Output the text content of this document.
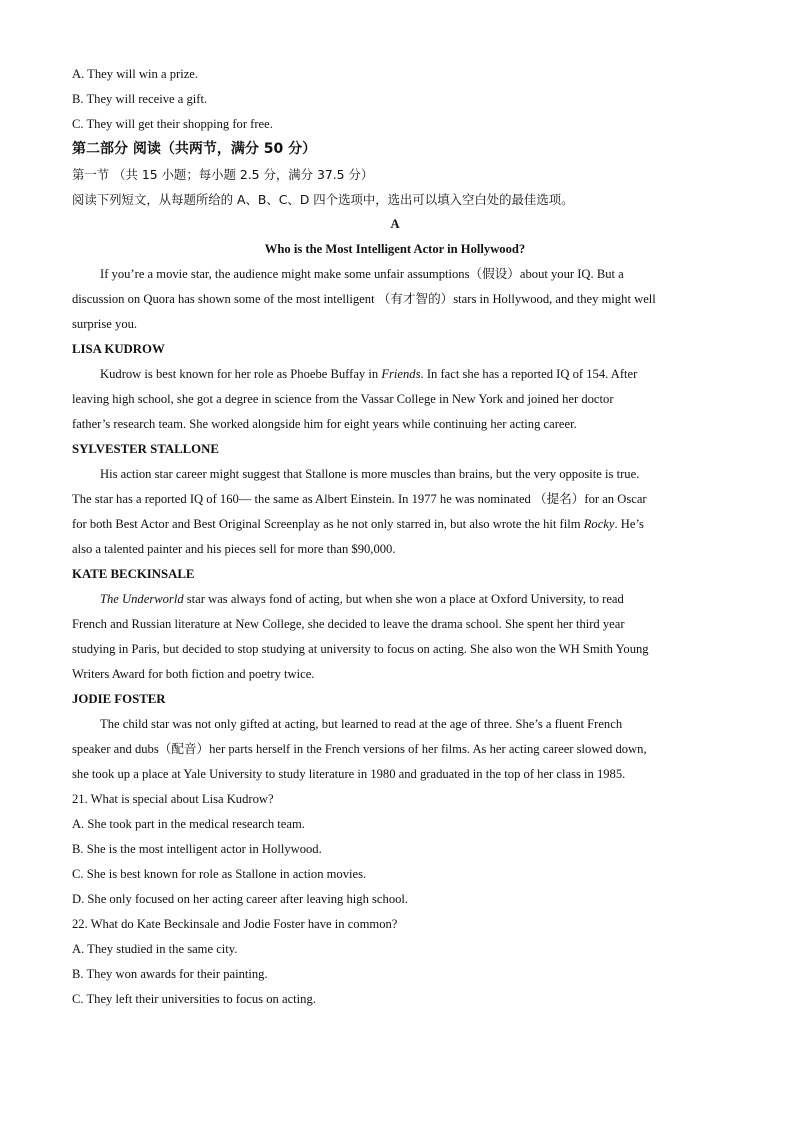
A. They will win a prize.

B. They will receive a gift.

C. They will get their shopping for free.

第二部分 阅读（共两节，满分 50 分）

第一节 （共 15 小题；每小题 2.5 分，满分 37.5 分）

阅读下列短文，从每题所给的 A、B、C、D 四个选项中，选出可以填入空白处的最佳选项。

A

Who is the Most Intelligent Actor in Hollywood?

If you’re a movie star, the audience might make some unfair assumptions（假设）about your IQ. But a

discussion on Quora has shown some of the most intelligent （有才智的）stars in Hollywood, and they might well

surprise you.

LISA KUDROW

Kudrow is best known for her role as Phoebe Buffay in Friends. In fact she has a reported IQ of 154. After

leaving high school, she got a degree in science from the Vassar College in New York and joined her doctor

father’s research team. She worked alongside him for eight years while continuing her acting career.

SYLVESTER STALLONE

His action star career might suggest that Stallone is more muscles than brains, but the very opposite is true.

The star has a reported IQ of 160— the same as Albert Einstein. In 1977 he was nominated （提名）for an Oscar

for both Best Actor and Best Original Screenplay as he not only starred in, but also wrote the hit film Rocky. He’s

also a talented painter and his pieces sell for more than $90,000.

KATE BECKINSALE

The Underworld star was always fond of acting, but when she won a place at Oxford University, to read

French and Russian literature at New College, she decided to leave the drama school. She spent her third year

studying in Paris, but decided to stop studying at university to focus on acting. She also won the WH Smith Young

Writers Award for both fiction and poetry twice.

JODIE FOSTER

The child star was not only gifted at acting, but learned to read at the age of three. She’s a fluent French

speaker and dubs（配音）her parts herself in the French versions of her films. As her acting career slowed down,

she took up a place at Yale University to study literature in 1980 and graduated in the top of her class in 1985.

21. What is special about Lisa Kudrow?

A. She took part in the medical research team.

B. She is the most intelligent actor in Hollywood.

C. She is best known for role as Stallone in action movies.

D. She only focused on her acting career after leaving high school.

22. What do Kate Beckinsale and Jodie Foster have in common?

A. They studied in the same city.

B. They won awards for their painting.

C. They left their universities to focus on acting.
